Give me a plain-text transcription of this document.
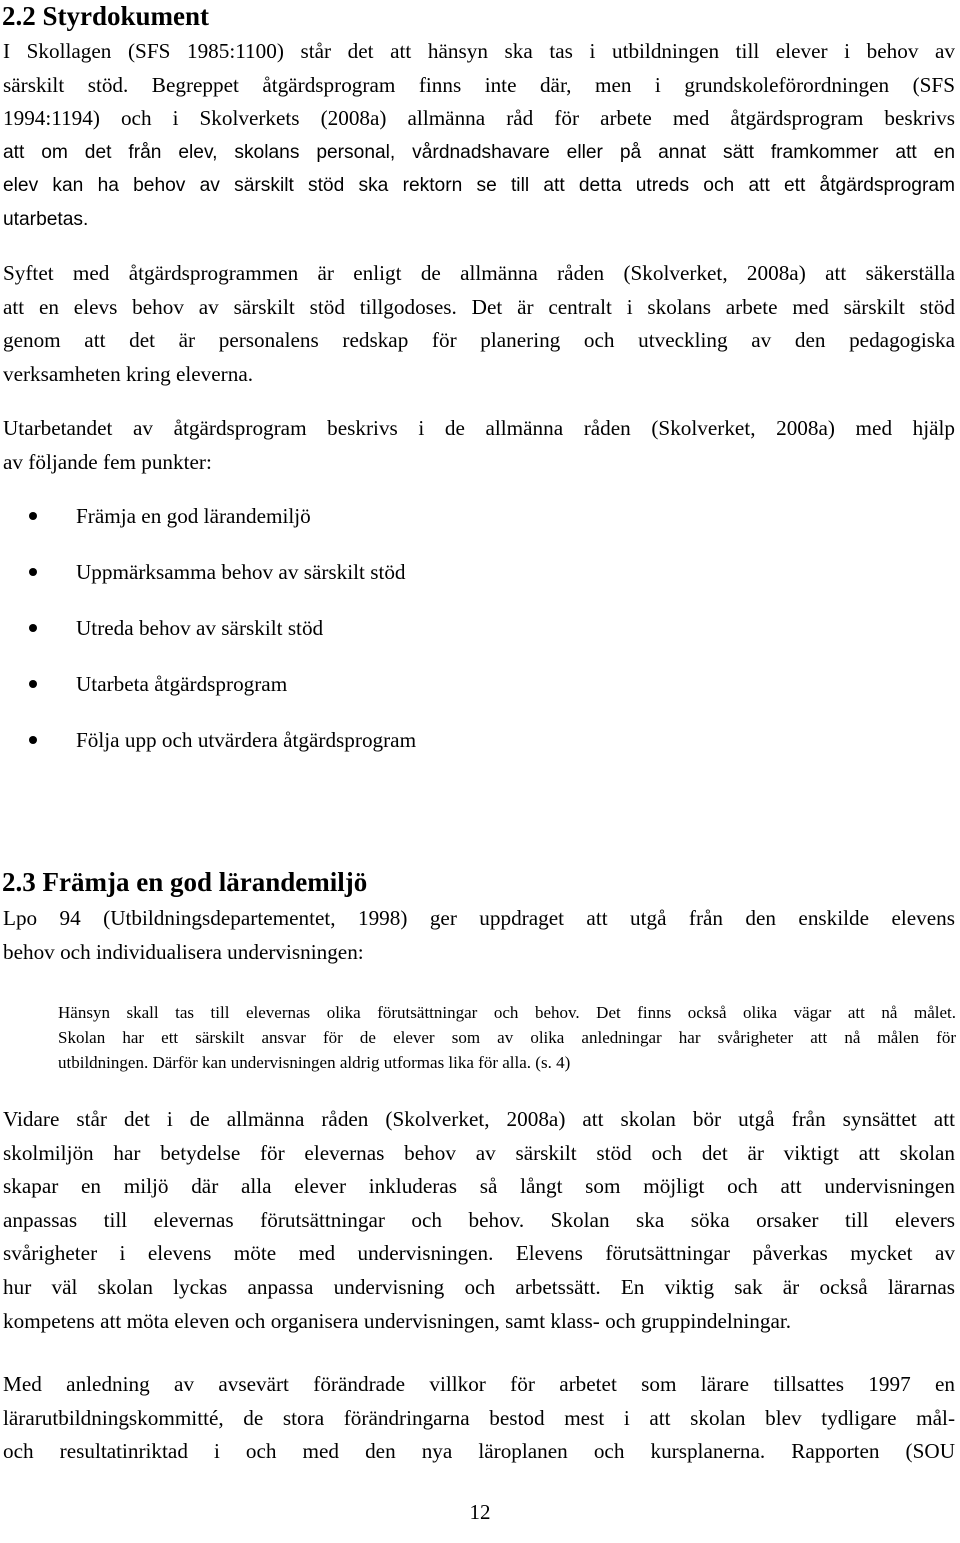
2.2 Styrdokument
I Skollagen (SFS 1985:1100) står det att hänsyn ska tas i utbildningen till elever i behov av
särskilt stöd. Begreppet åtgärdsprogram finns inte där, men i grundskoleförordningen (SFS
1994:1194) och i Skolverkets (2008a) allmänna råd för arbete med åtgärdsprogram beskrivs
att om det från elev, skolans personal, vårdnadshavare eller på annat sätt framkommer att en
elev kan ha behov av särskilt stöd ska rektorn se till att detta utreds och att ett åtgärdsprogram
utarbetas.
Syftet med åtgärdsprogrammen är enligt de allmänna råden (Skolverket, 2008a) att säkerställa
att en elevs behov av särskilt stöd tillgodoses. Det är centralt i skolans arbete med särskilt stöd
genom att det är personalens redskap för planering och utveckling av den pedagogiska
verksamheten kring eleverna.
Utarbetandet av åtgärdsprogram beskrivs i de allmänna råden (Skolverket, 2008a) med hjälp
av följande fem punkter:
Främja en god lärandemiljö
Uppmärksamma behov av särskilt stöd
Utreda behov av särskilt stöd
Utarbeta åtgärdsprogram
Följa upp och utvärdera åtgärdsprogram
2.3 Främja en god lärandemiljö
Lpo 94 (Utbildningsdepartementet, 1998) ger uppdraget att utgå från den enskilde elevens
behov och individualisera undervisningen:
Hänsyn skall tas till elevernas olika förutsättningar och behov. Det finns också olika vägar att nå målet.
Skolan har ett särskilt ansvar för de elever som av olika anledningar har svårigheter att nå målen för
utbildningen. Därför kan undervisningen aldrig utformas lika för alla. (s. 4)
Vidare står det i de allmänna råden (Skolverket, 2008a) att skolan bör utgå från synsättet att
skolmiljön har betydelse för elevernas behov av särskilt stöd och det är viktigt att skolan
skapar en miljö där alla elever inkluderas så långt som möjligt och att undervisningen
anpassas till elevernas förutsättningar och behov. Skolan ska söka orsaker till elevers
svårigheter i elevens möte med undervisningen. Elevens förutsättningar påverkas mycket av
hur väl skolan lyckas anpassa undervisning och arbetssätt. En viktig sak är också lärarnas
kompetens att möta eleven och organisera undervisningen, samt klass- och gruppindelningar.
Med anledning av avsevärt förändrade villkor för arbetet som lärare tillsattes 1997 en
lärarutbildningskommitté, de stora förändringarna bestod mest i att skolan blev tydligare mål-
och resultatinriktad i och med den nya läroplanen och kursplanerna. Rapporten (SOU
12
